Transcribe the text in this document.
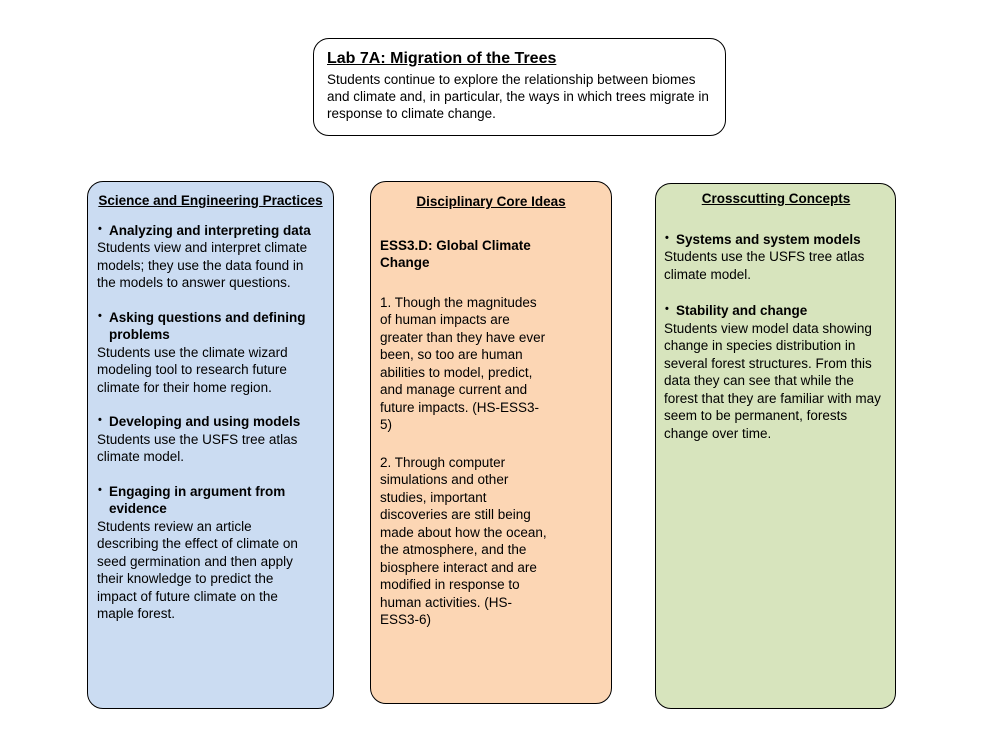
Lab 7A: Migration of the Trees

Students continue to explore the relationship between biomes and climate and, in particular, the ways in which trees migrate in response to climate change.

Science and Engineering Practices
• Analyzing and interpreting data

Students view and interpret climate models; they use the data found in the models to answer questions.

• Asking questions and defining problems

Students use the climate wizard modeling tool to research future climate for their home region.

• Developing and using models

Students use the USFS tree atlas climate model.

• Engaging in argument from evidence

Students review an article describing the effect of climate on seed germination and then apply their knowledge to predict the impact of future climate on the maple forest.

Disciplinary Core Ideas

ESS3.D: Global Climate Change

1. Though the magnitudes of human impacts are greater than they have ever been, so too are human abilities to model, predict, and manage current and future impacts. (HS-ESS3-5)

2. Through computer simulations and other studies, important discoveries are still being made about how the ocean, the atmosphere, and the biosphere interact and are modified in response to human activities. (HS-ESS3-6)

Crosscutting Concepts
• Systems and system models

Students use the USFS tree atlas climate model.

• Stability and change

Students view model data showing change in species distribution in several forest structures. From this data they can see that while the forest that they are familiar with may seem to be permanent, forests change over time.
